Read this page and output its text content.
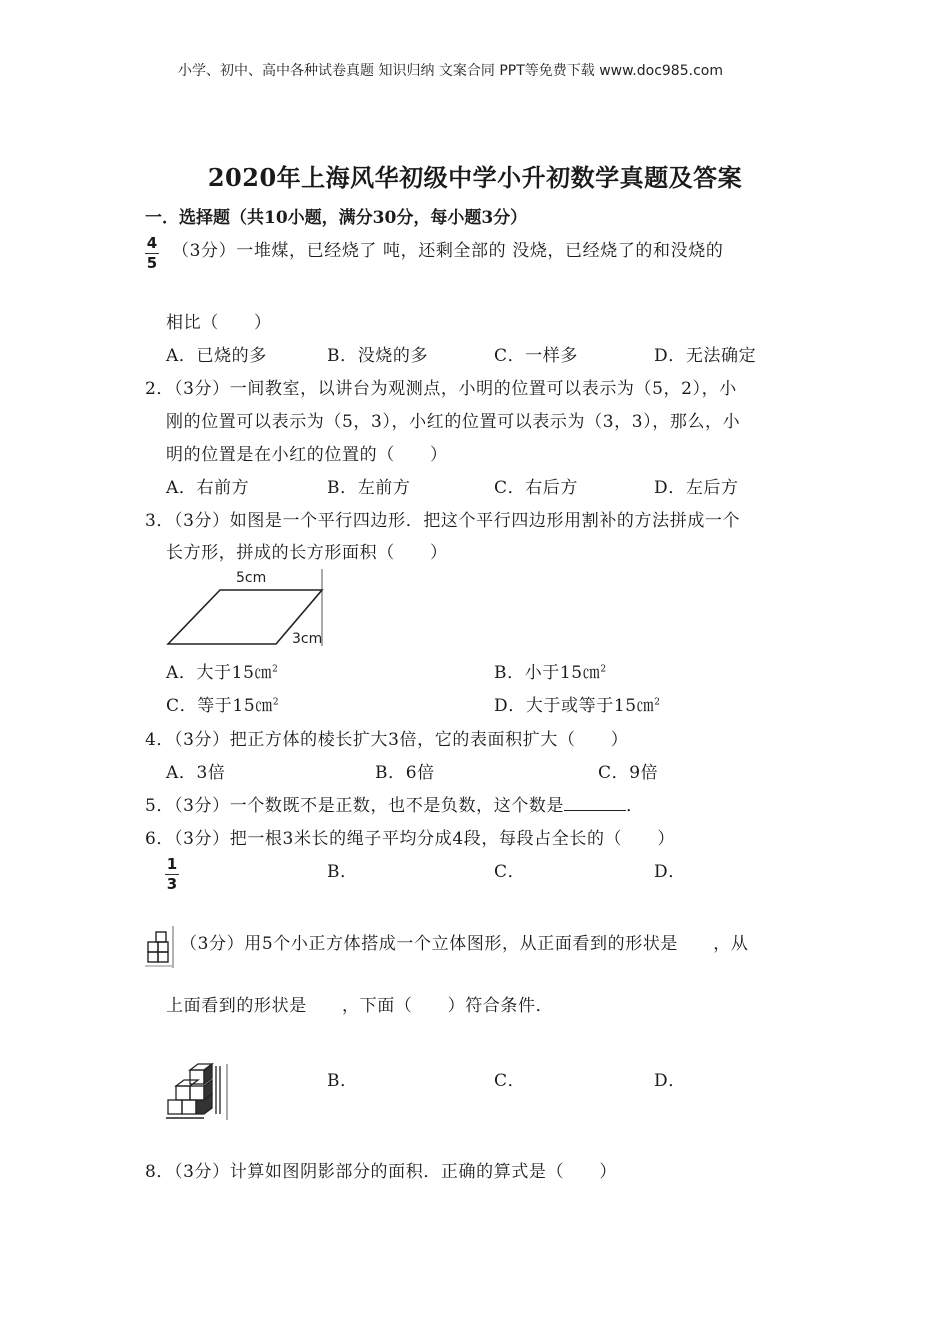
小学、初中、高中各种试卷真题 知识归纳 文案合同 PPT等免费下载 www.doc985.com
2020年上海风华初级中学小升初数学真题及答案
一．选择题（共10小题，满分30分，每小题3分）
4
5
（3分）一堆煤，已经烧了 吨，还剩全部的 没烧，已经烧了的和没烧的
相比（　　）
A．已烧的多	B．没烧的多	C．一样多	D．无法确定
2．（3分）一间教室，以讲台为观测点，小明的位置可以表示为（5，2），小
刚的位置可以表示为（5，3），小红的位置可以表示为（3，3），那么，小
明的位置是在小红的位置的（　　）
A．右前方	B．左前方	C．右后方	D．左后方
3．（3分）如图是一个平行四边形．把这个平行四边形用割补的方法拼成一个
长方形，拼成的长方形面积（　　）
5cm
3cm
A．大于15㎝$^2$	B．小于15㎝$^2$
C．等于15㎝$^2$	D．大于或等于15㎝$^2$
4．（3分）把正方体的棱长扩大3倍，它的表面积扩大（　　）
A．3倍	B．6倍	C．9倍
5．（3分）一个数既不是正数，也不是负数，这个数是	．
6．（3分）把一根3米长的绳子平均分成4段，每段占全长的（　　）
1
3
B．	C．	D．
（3分）用5个小正方体搭成一个立体图形，从正面看到的形状是　　，从
上面看到的形状是　　，下面（　　）符合条件．
B．	C．	D．
8．（3分）计算如图阴影部分的面积．正确的算式是（　　）
